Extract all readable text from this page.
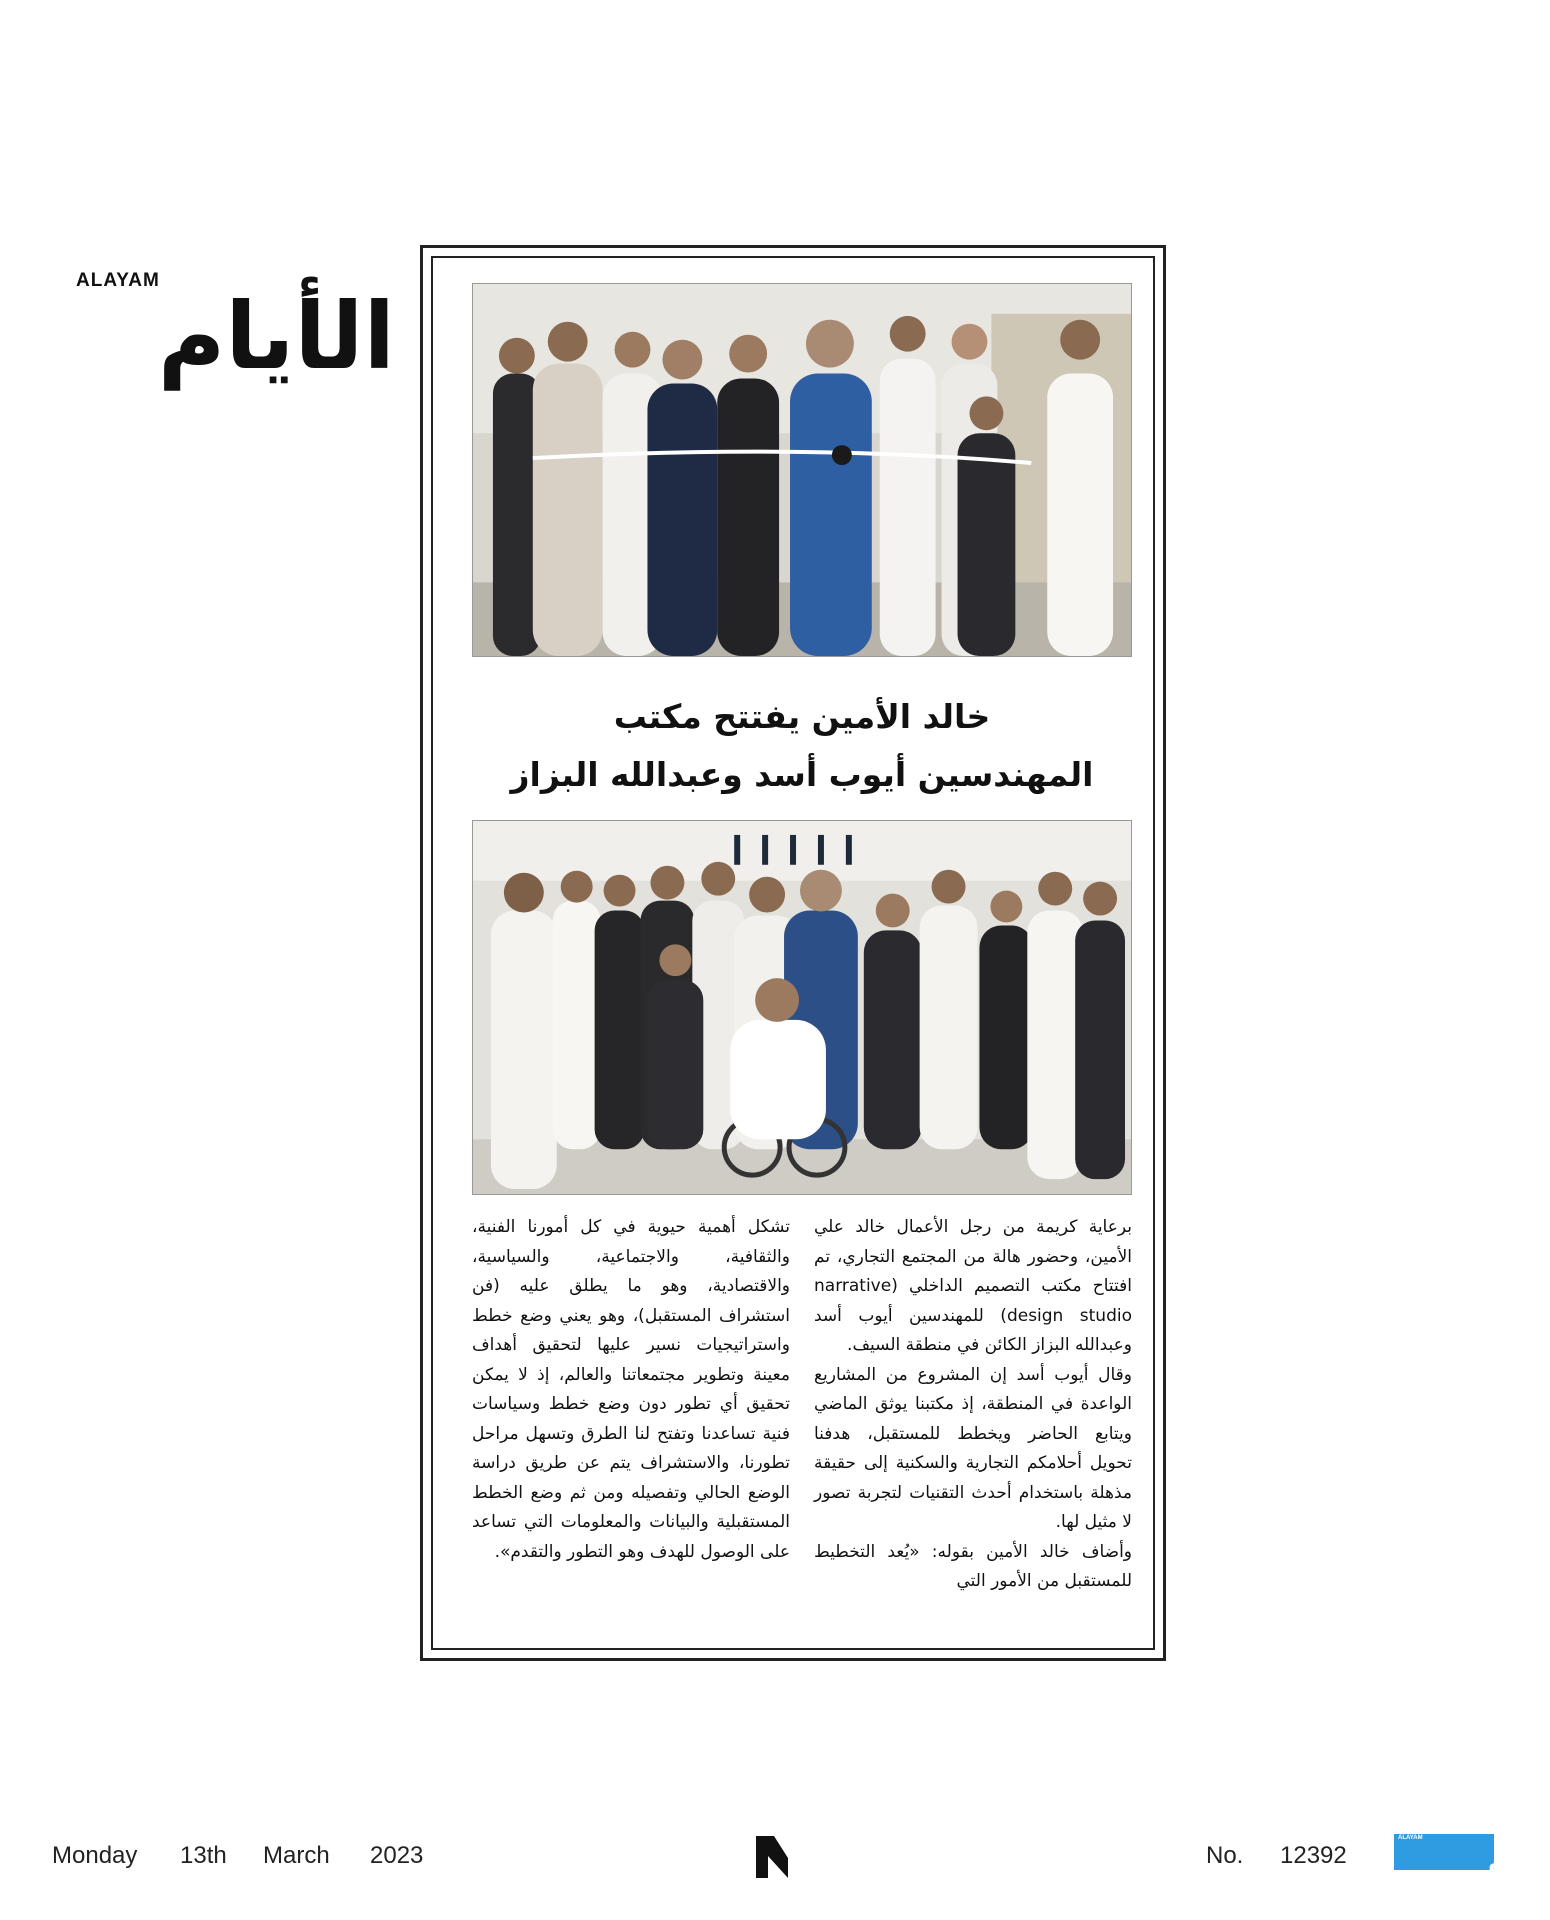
ALAYAM
الأيام
خالد الأمين يفتتح مكتب
المهندسين أيوب أسد وعبدالله البزاز

برعاية كريمة من رجل الأعمال خالد علي الأمين، وحضور هالة من المجتمع التجاري، تم افتتاح مكتب التصميم الداخلي (narrative design studio) للمهندسين أيوب أسد وعبدالله البزاز الكائن في منطقة السيف.

وقال أيوب أسد إن المشروع من المشاريع الواعدة في المنطقة، إذ مكتبنا يوثق الماضي ويتابع الحاضر ويخطط للمستقبل، هدفنا تحويل أحلامكم التجارية والسكنية إلى حقيقة مذهلة باستخدام أحدث التقنيات لتجربة تصور لا مثيل لها.

وأضاف خالد الأمين بقوله: «يُعد التخطيط للمستقبل من الأمور التي

تشكل أهمية حيوية في كل أمورنا الفنية، والثقافية، والاجتماعية، والسياسية، والاقتصادية، وهو ما يطلق عليه (فن استشراف المستقبل)، وهو يعني وضع خطط واستراتيجيات نسير عليها لتحقيق أهداف معينة وتطوير مجتمعاتنا والعالم، إذ لا يمكن تحقيق أي تطور دون وضع خطط وسياسات فنية تساعدنا وتفتح لنا الطرق وتسهل مراحل تطورنا، والاستشراف يتم عن طريق دراسة الوضع الحالي وتفصيله ومن ثم وضع الخطط المستقبلية والبيانات والمعلومات التي تساعد على الوصول للهدف وهو التطور والتقدم».

Monday 13th March 2023	No. 12392
ALAYAM
الأيام
